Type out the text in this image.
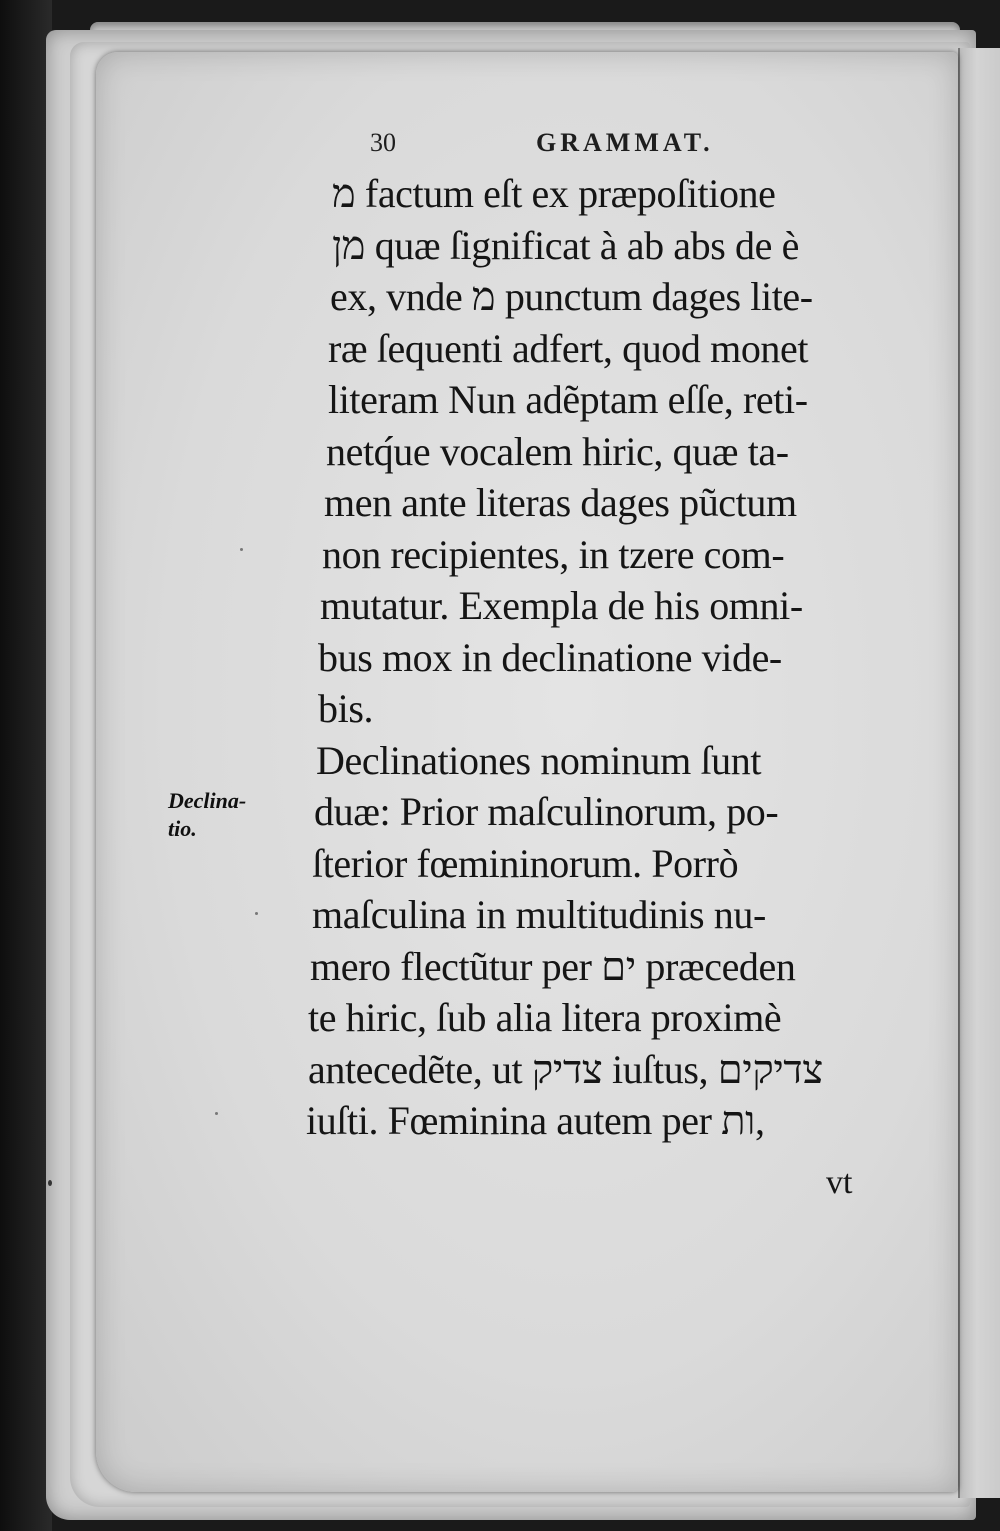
30	GRAMMAT.
מ factum eſt ex præpoſitione
מן quæ ſignificat à ab abs de è
ex, vnde מ punctum dages lite-
ræ ſequenti adfert, quod monet
literam Nun adẽptam eſſe, reti-
netq́ue vocalem hiric, quæ ta-
men ante literas dages pũctum
non recipientes, in tzere com-
mutatur. Exempla de his omni-
bus mox in declinatione vide-
bis.
Declinationes nominum ſunt
duæ: Prior maſculinorum, po-
ſterior fœmininorum. Porrò
maſculina in multitudinis nu-
mero flectũtur per ים præceden
te hiric, ſub alia litera proximè
antecedẽte, ut צדיק iuſtus, צדיקים
iuſti. Fœminina autem per ות,
Declina-
tio.
vt
